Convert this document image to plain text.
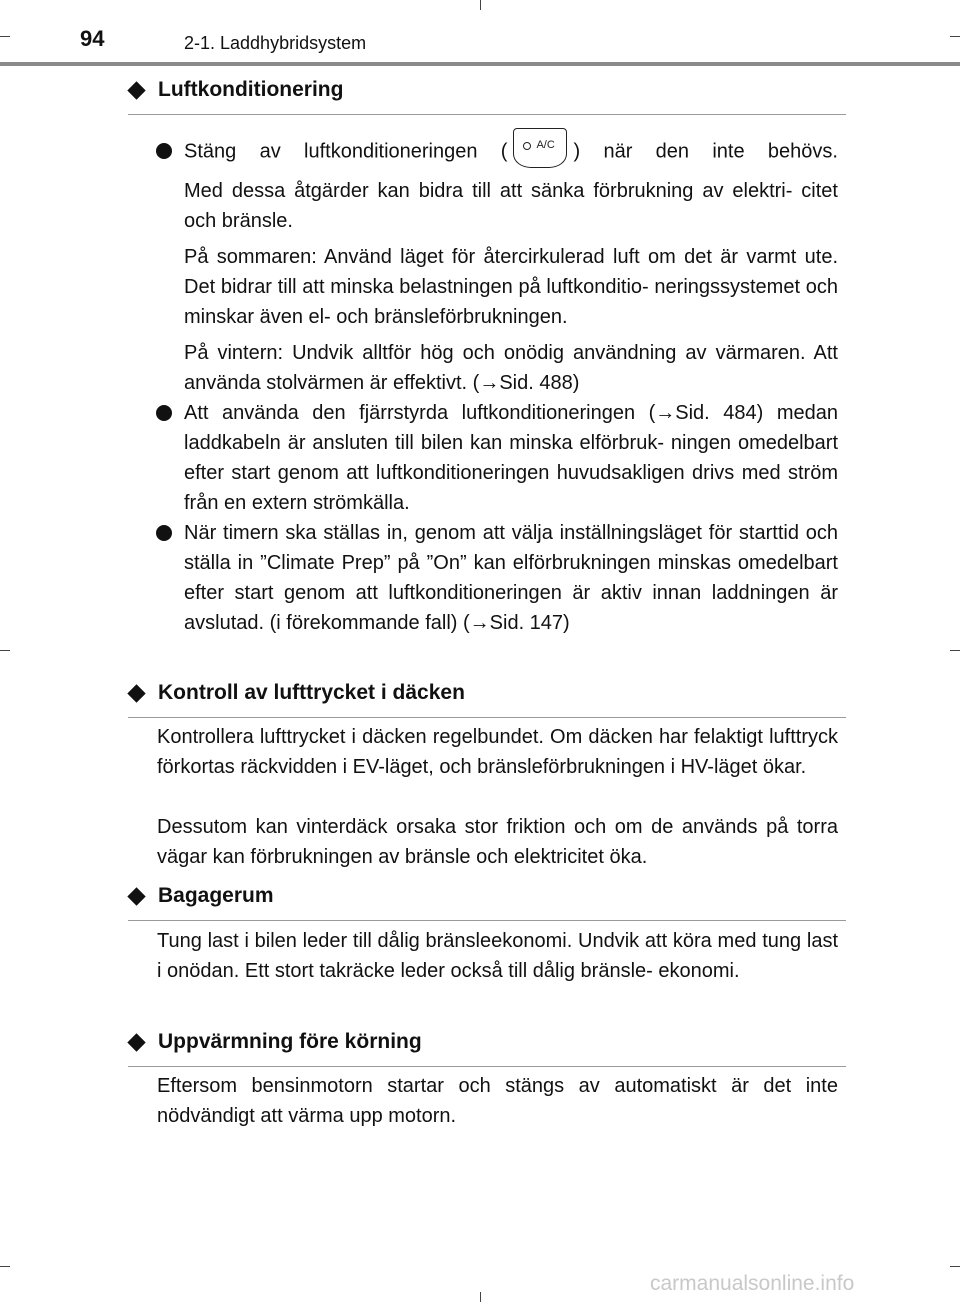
94	2-1. Laddhybridsystem
Luftkonditionering
Stäng av luftkonditioneringen (	A/C ) när den inte behövs.
Med dessa åtgärder kan bidra till att sänka förbrukning av elektri- citet och bränsle.
På sommaren: Använd läget för återcirkulerad luft om det är varmt ute. Det bidrar till att minska belastningen på luftkonditio- neringssystemet och minskar även el- och bränsleförbrukningen.
På vintern: Undvik alltför hög och onödig användning av värmaren. Att använda stolvärmen är effektivt. (→Sid. 488)
Att använda den fjärrstyrda luftkonditioneringen (→Sid. 484) medan laddkabeln är ansluten till bilen kan minska elförbruk- ningen omedelbart efter start genom att luftkonditioneringen huvudsakligen drivs med ström från en extern strömkälla.
När timern ska ställas in, genom att välja inställningsläget för starttid och ställa in ”Climate Prep” på ”On” kan elförbrukningen minskas omedelbart efter start genom att luftkonditioneringen är aktiv innan laddningen är avslutad. (i förekommande fall) (→Sid. 147)
Kontroll av lufttrycket i däcken
Kontrollera lufttrycket i däcken regelbundet. Om däcken har felaktigt lufttryck förkortas räckvidden i EV-läget, och bränsleförbrukningen i HV-läget ökar.
Dessutom kan vinterdäck orsaka stor friktion och om de används på torra vägar kan förbrukningen av bränsle och elektricitet öka.
Bagagerum
Tung last i bilen leder till dålig bränsleekonomi. Undvik att köra med tung last i onödan. Ett stort takräcke leder också till dålig bränsle- ekonomi.
Uppvärmning före körning
Eftersom bensinmotorn startar och stängs av automatiskt är det inte nödvändigt att värma upp motorn.
carmanualsonline.info
